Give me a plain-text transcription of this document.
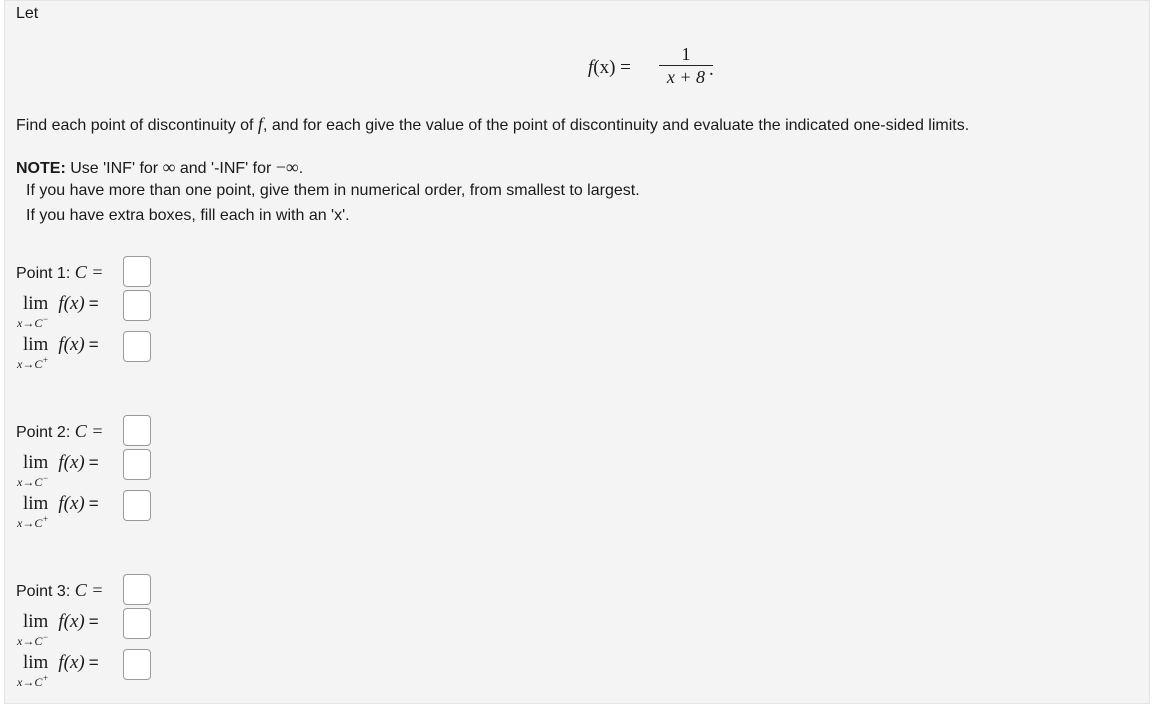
Let
f(x) =
1
x + 8 .
Find each point of discontinuity of f, and for each give the value of the point of discontinuity and evaluate the indicated one-sided limits.
NOTE: Use 'INF' for ∞ and '-INF' for −∞.
If you have more than one point, give them in numerical order, from smallest to largest.
If you have extra boxes, fill each in with an 'x'.
Point 1: C =
lim f(x) =
x→C−
lim f(x) =
x→C+
Point 2: C =
lim f(x) =
x→C−
lim f(x) =
x→C+
Point 3: C =
lim f(x) =
x→C−
lim f(x) =
x→C+
